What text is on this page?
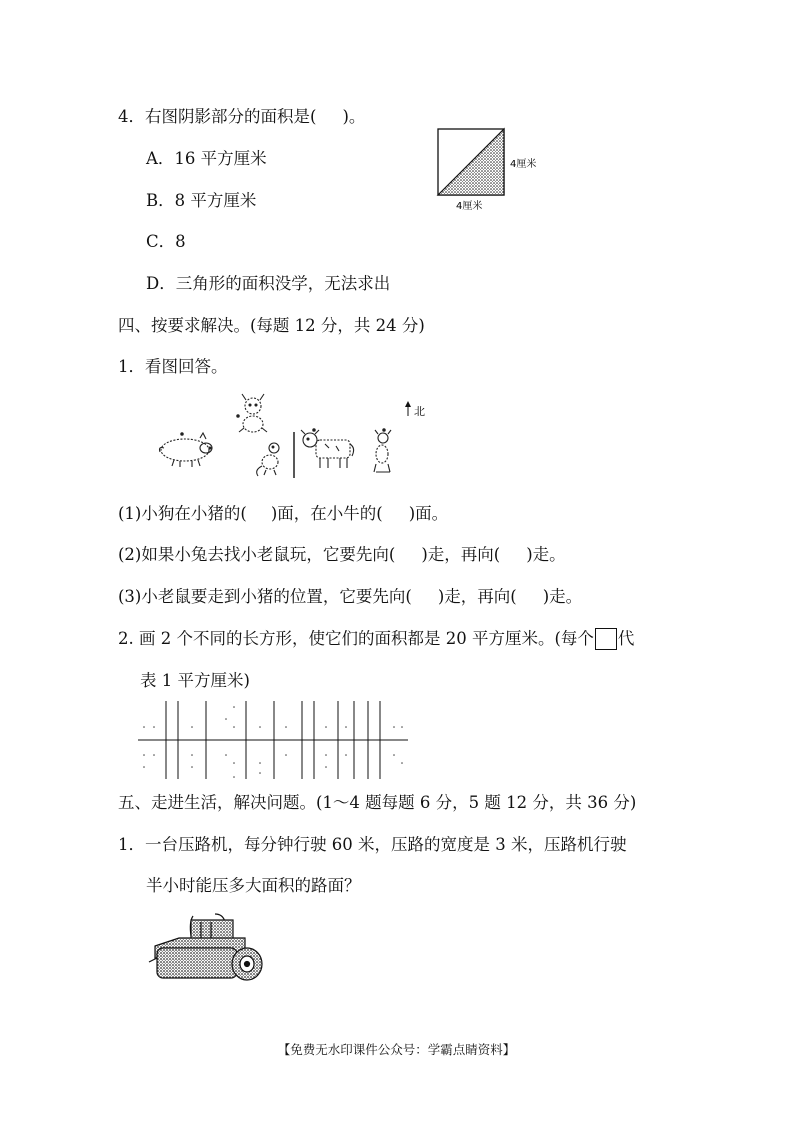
4．右图阴影部分的面积是( )。
A．16 平方厘米
B．8 平方厘米
C．8
D．三角形的面积没学，无法求出
4厘米
4厘米
四、按要求解决。(每题 12 分，共 24 分)
1．看图回答。
北
(1)小狗在小猪的( )面，在小牛的( )面。
(2)如果小兔去找小老鼠玩，它要先向( )走，再向( )走。
(3)小老鼠要走到小猪的位置，它要先向( )走，再向( )走。
2. 画 2 个不同的长方形，使它们的面积都是 20 平方厘米。(每个 代
表 1 平方厘米)
五、走进生活，解决问题。(1～4 题每题 6 分，5 题 12 分，共 36 分)
1．一台压路机，每分钟行驶 60 米，压路的宽度是 3 米，压路机行驶
半小时能压多大面积的路面？
【免费无水印课件公众号：学霸点睛资料】
